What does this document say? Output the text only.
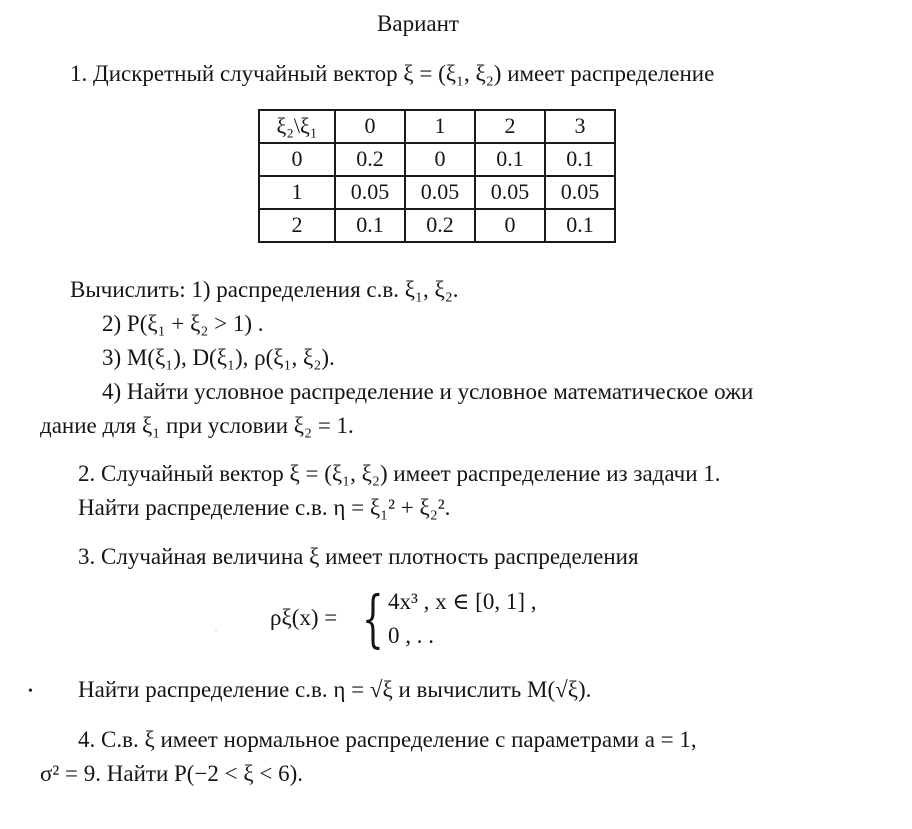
Вариант
1. Дискретный случайный вектор ξ = (ξ₁, ξ₂) имеет распределение
ξ₂\ξ₁	0	1	2	3
0	0.2	0	0.1	0.1
1	0.05	0.05	0.05	0.05
2	0.1	0.2	0	0.1
Вычислить: 1) распределения с.в. ξ₁, ξ₂.
2) P(ξ₁ + ξ₂ > 1) .
3) M(ξ₁), D(ξ₁), ρ(ξ₁, ξ₂).
4) Найти условное распределение и условное математическое ожи
дание для ξ₁ при условии ξ₂ = 1.
2. Случайный вектор ξ = (ξ₁, ξ₂) имеет распределение из задачи 1.
Найти распределение с.в. η = ξ₁² + ξ₂².
3. Случайная величина ξ имеет плотность распределения
ρξ(x) = { 4x³ , x ∈ [0, 1] ,
0 , . .
·
• Найти распределение с.в. η = √ξ и вычислить M(√ξ).
4. С.в. ξ имеет нормальное распределение с параметрами a = 1,
σ² = 9. Найти P(−2 < ξ < 6).
